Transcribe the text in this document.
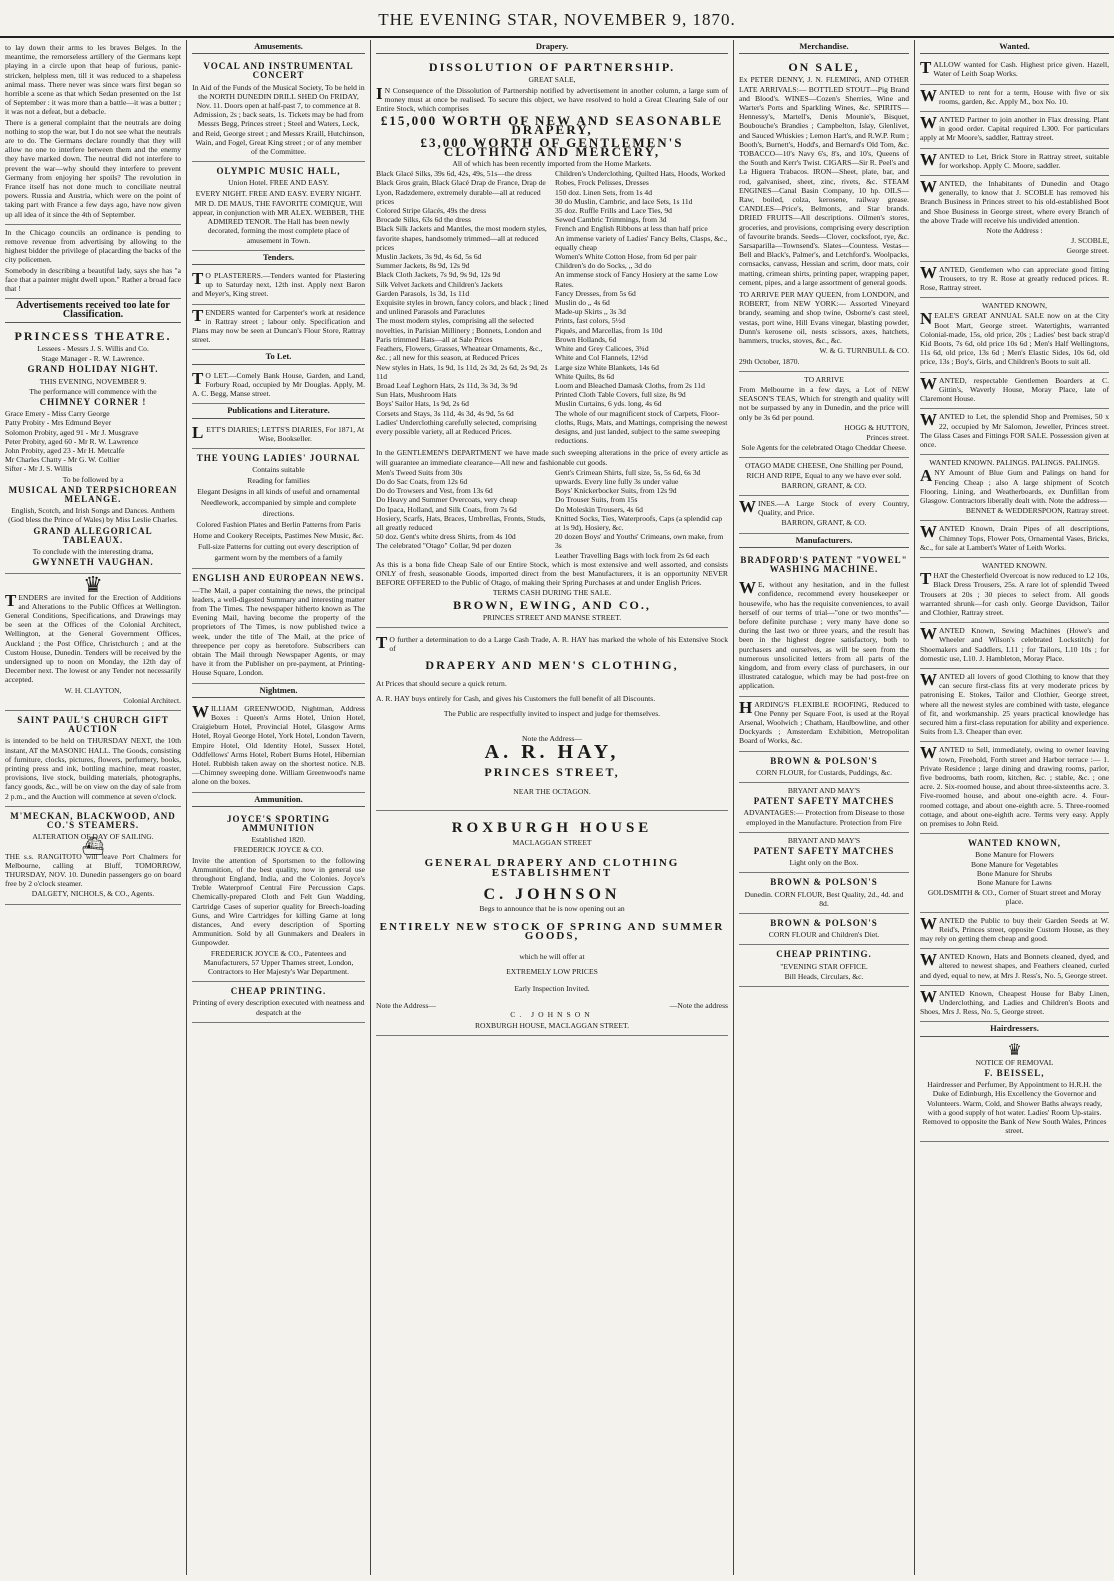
THE EVENING STAR, NOVEMBER 9, 1870.

to lay down their arms to les braves Belges. In the meantime, the remorseless artillery of the Germans kept playing in a circle upon that heap of furious, panic-stricken, helpless men, till it was reduced to a shapeless animal mass. There never was since wars first began so horrible a scene as that which Sedan presented on the 1st of September : it was more than a battle—it was a butter ; it was not a defeat, but a debacle.

There is a general complaint that the neutrals are doing nothing to stop the war, but I do not see what the neutrals are to do. The Germans declare roundly that they will allow no one to interfere between them and the enemy they have marked down. The neutral did not interfere to prevent the war—why should they interfere to prevent Germany from enjoying her spoils? The revolution in France itself has not done much to conciliate neutral powers. Russia and Austria, which were on the point of taking part with France a few days ago, have now given up all idea of it since the 4th of September.

In the Chicago councils an ordinance is pending to remove revenue from advertising by allowing to the highest bidder the privilege of placarding the backs of the city policemen.

Somebody in describing a beautiful lady, says she has "a face that a painter might dwell upon." Rather a broad face that !

Advertisements received too late for Classification.
PRINCESS THEATRE.

Lessees - Messrs J. S. Willis and Co.

Stage Manager - R. W. Lawrence.

GRAND HOLIDAY NIGHT.

THIS EVENING, NOVEMBER 9.

The performance will commence with the

CHIMNEY CORNER !

Grace Emery - Miss Carry George
Patty Probity - Mrs Edmund Beyer
Solomon Probity, aged 91 - Mr J. Musgrave
Peter Probity, aged 60 - Mr R. W. Lawrence
John Probity, aged 23 - Mr H. Metcalfe
Mr Charles Chatty - Mr G. W. Collier
Sifter - Mr J. S. Willis

To be followed by a

MUSICAL AND TERPSICHOREAN MELANGE.

English, Scotch, and Irish Songs and Dances. Anthem (God bless the Prince of Wales) by Miss Leslie Charles.

GRAND ALLEGORICAL TABLEAUX.

To conclude with the interesting drama,

GWYNNETH VAUGHAN.

♛

TENDERS are invited for the Erection of Additions and Alterations to the Public Offices at Wellington. General Conditions, Specifications, and Drawings may be seen at the Offices of the Colonial Architect, Wellington, at the General Government Offices, Auckland ; the Post Office, Christchurch ; and at the Custom House, Dunedin. Tenders will be received by the undersigned up to noon on Monday, the 12th day of December next. The lowest or any Tender not necessarily accepted.

W. H. CLAYTON,

Colonial Architect.

SAINT PAUL'S CHURCH GIFT AUCTION

is intended to be held on THURSDAY NEXT, the 10th instant, AT the MASONIC HALL. The Goods, consisting of furniture, clocks, pictures, flowers, perfumery, books, printing press and ink, bottling machine, meat roaster, provisions, live stock, building materials, photographs, fancy goods, &c., will be on view on the day of sale from 2 p.m., and the Auction will commence at seven o'clock.

M'MECKAN, BLACKWOOD, AND CO.'S STEAMERS.

ALTERATION OF DAY OF SAILING.

⛴

THE s.s. RANGITOTO will leave Port Chalmers for Melbourne, calling at Bluff, TOMORROW, THURSDAY, NOV. 10. Dunedin passengers go on board free by 2 o'clock steamer.

DALGETY, NICHOLS, & CO., Agents.

Amusements.

VOCAL AND INSTRUMENTAL CONCERT

In Aid of the Funds of the Musical Society, To be held in the NORTH DUNEDIN DRILL SHED On FRIDAY, Nov. 11. Doors open at half-past 7, to commence at 8. Admission, 2s ; back seats, 1s. Tickets may be had from Messrs Begg, Princes street ; Steel and Waters, Leck, and Reid, George street ; and Messrs Kraill, Hutchinson, Wain, and Fogel, Great King street ; or of any member of the Committee.

OLYMPIC MUSIC HALL,

Union Hotel. FREE AND EASY.

EVERY NIGHT. FREE AND EASY. EVERY NIGHT.

MR D. DE MAUS, THE FAVORITE COMIQUE, Will appear, in conjunction with MR ALEX. WEBBER, THE ADMIRED TENOR. The Hall has been newly decorated, forming the most complete place of amusement in Town.

Tenders.

TO PLASTERERS.—Tenders wanted for Plastering up to Saturday next, 12th inst. Apply next Baron and Meyer's, King street.

TENDERS wanted for Carpenter's work at residence in Rattray street ; labour only. Specification and Plans may now be seen at Duncan's Flour Store, Rattray street.

To Let.

TO LET.—Comely Bank House, Garden, and Land, Forbury Road, occupied by Mr Douglas. Apply, M. A. C. Begg, Manse street.

Publications and Literature.

LETT'S DIARIES; LETTS'S DIARIES, For 1871, At Wise, Bookseller.

THE YOUNG LADIES' JOURNAL

Contains suitable

Reading for families
Elegant Designs in all kinds of useful and ornamental Needlework, accompanied by simple and complete directions.
Colored Fashion Plates and Berlin Patterns from Paris
Home and Cookery Receipts, Pastimes New Music, &c.
Full-size Patterns for cutting out every description of garment worn by the members of a family

ENGLISH AND EUROPEAN NEWS.

—The Mail, a paper containing the news, the principal leaders, a well-digested Summary and interesting matter from The Times. The newspaper hitherto known as The Evening Mail, having become the property of the proprietors of The Times, is now published twice a week, under the title of The Mail, at the price of threepence per copy as heretofore. Subscribers can obtain The Mail through Newspaper Agents, or may have it from the Publisher on pre-payment, at Printing-House Square, London.

Nightmen.

WILLIAM GREENWOOD, Nightman, Address Boxes : Queen's Arms Hotel, Union Hotel, Craigieburn Hotel, Provincial Hotel, Glasgow Arms Hotel, Royal George Hotel, York Hotel, London Tavern, Empire Hotel, Old Identity Hotel, Sussex Hotel, Oddfellows' Arms Hotel, Robert Burns Hotel, Hibernian Hotel. Rubbish taken away on the shortest notice. N.B.—Chimney sweeping done. William Greenwood's name alone on the boxes.

Ammunition.

JOYCE'S SPORTING AMMUNITION

Established 1820.

FREDERICK JOYCE & CO.

Invite the attention of Sportsmen to the following Ammunition, of the best quality, now in general use throughout England, India, and the Colonies. Joyce's Treble Waterproof Central Fire Percussion Caps. Chemically-prepared Cloth and Felt Gun Wadding, Cartridge Cases of superior quality for Breech-loading Guns, and Wire Cartridges for killing Game at long distances, And every description of Sporting Ammunition. Sold by all Gunmakers and Dealers in Gunpowder.

FREDERICK JOYCE & CO., Patentees and Manufacturers, 57 Upper Thames street, London, Contractors to Her Majesty's War Department.

CHEAP PRINTING.

Printing of every description executed with neatness and despatch at the

Drapery.
DISSOLUTION OF PARTNERSHIP.

GREAT SALE,

IN Consequence of the Dissolution of Partnership notified by advertisement in another column, a large sum of money must at once be realised. To secure this object, we have resolved to hold a Great Clearing Sale of our Entire Stock, which comprises

£15,000 WORTH OF NEW AND SEASONABLE DRAPERY,
£3,000 WORTH OF GENTLEMEN'S CLOTHING AND MERCERY,

All of which has been recently imported from the Home Markets.

Black Glacé Silks, 39s 6d, 42s, 49s, 51s—the dress
Black Gros grain, Black Glacé Drap de France, Drap de Lyon, Radzdemere, extremely durable—all at reduced prices
Colored Stripe Glacés, 49s the dress
Brocade Silks, 63s 6d the dress
Black Silk Jackets and Mantles, the most modern styles, favorite shapes, handsomely trimmed—all at reduced prices
Muslin Jackets, 3s 9d, 4s 6d, 5s 6d
Summer Jackets, 8s 9d, 12s 9d
Black Cloth Jackets, 7s 9d, 9s 9d, 12s 9d
Silk Velvet Jackets and Children's Jackets
Garden Parasols, 1s 3d, 1s 11d
Exquisite styles in brown, fancy colors, and black ; lined and unlined Parasols and Paraclutes
The most modern styles, comprising all the selected novelties, in Parisian Millinery ; Bonnets, London and Paris trimmed Hats—all at Sale Prices
Feathers, Flowers, Grasses, Wheatear Ornaments, &c., &c. ; all new for this season, at Reduced Prices
New styles in Hats, 1s 9d, 1s 11d, 2s 3d, 2s 6d, 2s 9d, 2s 11d
Broad Leaf Leghorn Hats, 2s 11d, 3s 3d, 3s 9d
Sun Hats, Mushroom Hats
Boys' Sailor Hats, 1s 9d, 2s 6d
Corsets and Stays, 3s 11d, 4s 3d, 4s 9d, 5s 6d
Ladies' Underclothing carefully selected, comprising every possible variety, all at Reduced Prices.
Children's Underclothing, Quilted Hats, Hoods, Worked Robes, Frock Pelisses, Dresses
150 doz. Linen Sets, from 1s 4d
30 do Muslin, Cambric, and lace Sets, 1s 11d
35 doz. Ruffle Frills and Lace Ties, 9d
Sewed Cambric Trimmings, from 3d
French and English Ribbons at less than half price
An immense variety of Ladies' Fancy Belts, Clasps, &c., equally cheap
Women's White Cotton Hose, from 6d per pair
Children's do do Socks, ,, 3d do
An immense stock of Fancy Hosiery at the same Low Rates.
Fancy Dresses, from 5s 6d
Muslin do ,, 4s 6d
Made-up Skirts ,, 3s 3d
Prints, fast colors, 5½d
Piqués, and Marcellas, from 1s 10d
Brown Hollands, 6d
White and Grey Calicoes, 3¾d
White and Col Flannels, 12½d
Large size White Blankets, 14s 6d
White Quilts, 8s 6d
Loom and Bleached Damask Cloths, from 2s 11d
Printed Cloth Table Covers, full size, 8s 9d
Muslin Curtains, 6 yds. long, 4s 6d
The whole of our magnificent stock of Carpets, Floor-cloths, Rugs, Mats, and Mattings, comprising the newest designs, and just landed, subject to the same sweeping reductions.

In the GENTLEMEN'S DEPARTMENT we have made such sweeping alterations in the price of every article as will guarantee an immediate clearance—All new and fashionable cut goods.

Men's Tweed Suits from 30s
Do do Sac Coats, from 12s 6d
Do do Trowsers and Vest, from 13s 6d
Do Heavy and Summer Overcoats, very cheap
Do Ipaca, Holland, and Silk Coats, from 7s 6d
Hosiery, Scarfs, Hats, Braces, Umbrellas, Fronts, Studs, all greatly reduced
50 doz. Gent's white dress Shirts, from 4s 10d
The celebrated "Otago" Collar, 9d per dozen
Gent's Crimean Shirts, full size, 5s, 5s 6d, 6s 3d upwards. Every line fully 3s under value
Boys' Knickerbocker Suits, from 12s 9d
Do Trouser Suits, from 15s
Do Moleskin Trousers, 4s 6d
Knitted Socks, Ties, Waterproofs, Caps (a splendid cap at 1s 9d), Hosiery, &c.
20 dozen Boys' and Youths' Crimeans, own make, from 3s
Leather Travelling Bags with lock from 2s 6d each

As this is a bona fide Cheap Sale of our Entire Stock, which is most extensive and well assorted, and consists ONLY of fresh, seasonable Goods, imported direct from the best Manufacturers, it is an opportunity NEVER BEFORE OFFERED to the Public of Otago, of making their Spring Purchases at and under English Prices.

TERMS CASH DURING THE SALE.

BROWN, EWING, AND CO.,

PRINCES STREET AND MANSE STREET.

TO further a determination to do a Large Cash Trade, A. R. HAY has marked the whole of his Extensive Stock of

DRAPERY AND MEN'S CLOTHING,

At Prices that should secure a quick return.

A. R. HAY buys entirely for Cash, and gives his Customers the full benefit of all Discounts.

The Public are respectfully invited to inspect and judge for themselves.

Note the Address—

A. R. HAY,
PRINCES STREET,

NEAR THE OCTAGON.

ROXBURGH HOUSE

MACLAGGAN STREET

GENERAL DRAPERY AND CLOTHING ESTABLISHMENT
C. JOHNSON

Begs to announce that he is now opening out an

ENTIRELY NEW STOCK OF SPRING AND SUMMER GOODS,

which he will offer at

EXTREMELY LOW PRICES

Early Inspection Invited.

Note the Address—	—Note the address

C. JOHNSON

ROXBURGH HOUSE, MACLAGGAN STREET.

Merchandise.
ON SALE,

Ex PETER DENNY, J. N. FLEMING, AND OTHER LATE ARRIVALS:— BOTTLED STOUT—Pig Brand and Blood's. WINES—Cozen's Sherries, Wine and Warter's Ports and Sparkling Wines, &c. SPIRITS—Hennessy's, Martell's, Denis Mounie's, Bisquet, Boubouche's Brandies ; Campbelton, Islay, Glenlivet, and Sauced Whiskies ; Lemon Hart's, and R.W.P. Rum ; Booth's, Burnett's, Hodd's, and Bernard's Old Tom, &c. TOBACCO—10's Navy 6's, 8's, and 10's, Queens of the South and Kerr's Twist. CIGARS—Sir R. Peel's and La Higuera Trabacos. IRON—Sheet, plate, bar, and rod, galvanised, sheet, zinc, rivets, &c. STEAM ENGINES—Canal Basin Company, 10 hp. OILS—Raw, boiled, colza, kerosene, railway grease. CANDLES—Price's, Belmonts, and Star brands. DRIED FRUITS—All descriptions. Oilmen's stores, groceries, and provisions, comprising every description of favourite brands. Seeds—Clover, cocksfoot, rye, &c. Sarsaparilla—Townsend's. Slates—Countess. Vestas—Bell and Black's, Palmer's, and Letchford's. Woolpacks, cornsacks, canvass, Hessian and scrim, door mats, coir matting, crimean shirts, printing paper, wrapping paper, cement, pipes, and a large assortment of general goods.

TO ARRIVE PER MAY QUEEN, from LONDON, and ROBERT, from NEW YORK:— Assorted Vineyard brandy, seaming and shop twine, Osborne's cast steel, vestas, port wine, Hill Evans vinegar, blasting powder, Dunn's kerosene oil, nests scissors, axes, hatchets, hammers, trucks, stoves, &c., &c.

W. & G. TURNBULL & CO.

29th October, 1870.

TO ARRIVE

From Melbourne in a few days, a Lot of NEW SEASON'S TEAS, Which for strength and quality will not be surpassed by any in Dunedin, and the price will only be 3s 6d per pound.

HOGG & HUTTON,

Princes street.

Sole Agents for the celebrated Otago Cheddar Cheese.

OTAGO MADE CHEESE, One Shilling per Pound, RICH AND RIPE, Equal to any we have ever sold.

BARRON, GRANT, & CO.

WINES.—A Large Stock of every Country, Quality, and Price.

BARRON, GRANT, & CO.

Manufacturers.

BRADFORD'S PATENT "VOWEL" WASHING MACHINE.

WE, without any hesitation, and in the fullest confidence, recommend every housekeeper or housewife, who has the requisite conveniences, to avail herself of our terms of trial—"one or two months"—before definite purchase ; very many have done so during the last two or three years, and the result has been in the highest degree satisfactory, both to purchasers and ourselves, as will be seen from the numerous unsolicited letters from all parts of the kingdom, and from every class of purchasers, in our illustrated catalogue, which may be had post-free on application.

HARDING'S FLEXIBLE ROOFING, Reduced to One Penny per Square Foot, is used at the Royal Arsenal, Woolwich ; Chatham, Haulbowline, and other Dockyards ; Amsterdam Exhibition, Metropolitan Board of Works, &c.

BROWN & POLSON'S

CORN FLOUR, for Custards, Puddings, &c.

BRYANT AND MAY'S

PATENT SAFETY MATCHES

ADVANTAGES:— Protection from Disease to those employed in the Manufacture. Protection from Fire

BRYANT AND MAY'S

PATENT SAFETY MATCHES

Light only on the Box.

BROWN & POLSON'S

Dunedin. CORN FLOUR, Best Quality, 2d., 4d. and 8d.

BROWN & POLSON'S

CORN FLOUR and Children's Diet.

CHEAP PRINTING.

"EVENING STAR OFFICE.

Bill Heads, Circulars, &c.

Wanted.

TALLOW wanted for Cash. Highest price given. Hazell, Water of Leith Soap Works.

WANTED to rent for a term, House with five or six rooms, garden, &c. Apply M., box No. 10.

WANTED Partner to join another in Flax dressing. Plant in good order. Capital required L300. For particulars apply at Mr Moore's, saddler, Rattray street.

WANTED to Let, Brick Store in Rattray street, suitable for workshop. Apply C. Moore, saddler.

WANTED, the Inhabitants of Dunedin and Otago generally, to know that J. SCOBLE has removed his Branch Business in Princes street to his old-established Boot and Shoe Business in George street, where every Branch of the above Trade will receive his undivided attention.

Note the Address :

J. SCOBLE,

George street.

WANTED, Gentlemen who can appreciate good fitting Trousers, to try R. Rose at greatly reduced prices. R. Rose, Rattray street.

WANTED KNOWN,

NEALE'S GREAT ANNUAL SALE now on at the City Boot Mart, George street. Watertights, warranted Colonial-made, 15s, old price, 20s ; Ladies' best back strap'd Kid Boots, 7s 6d, old price 10s 6d ; Men's Half Wellingtons, 11s 6d, old price, 13s 6d ; Men's Elastic Sides, 10s 6d, old price, 13s ; Boy's, Girls, and Children's Boots to suit all.

WANTED, respectable Gentlemen Boarders at C. Gittin's, Waverly House, Moray Place, late of Claremont House.

WANTED to Let, the splendid Shop and Premises, 50 x 22, occupied by Mr Salomon, Jeweller, Princes street. The Glass Cases and Fittings FOR SALE. Possession given at once.

WANTED KNOWN. PALINGS. PALINGS. PALINGS.

ANY Amount of Blue Gum and Palings on hand for Fencing Cheap ; also A large shipment of Scotch Flooring, Lining, and Weatherboards, ex Dunfillan from Glasgow. Contractors liberally dealt with. Note the address—

BENNET & WEDDERSPOON, Rattray street.

WANTED Known, Drain Pipes of all descriptions, Chimney Tops, Flower Pots, Ornamental Vases, Bricks, &c., for sale at Lambert's Water of Leith Works.

WANTED KNOWN.

THAT the Chesterfield Overcoat is now reduced to L2 10s, Black Dress Trousers, 25s. A rare lot of splendid Tweed Trousers at 20s ; 30 pieces to select from. All goods warranted shrunk—for cash only. George Davidson, Tailor and Clothier, Rattray street.

WANTED Known, Sewing Machines (Howe's and Wheeler and Wilson's celebrated Lockstitch) for Shoemakers and Saddlers, L11 ; for Tailors, L10 10s ; for domestic use, L10. J. Hambleton, Moray Place.

WANTED all lovers of good Clothing to know that they can secure first-class fits at very moderate prices by patronising E. Stokes, Tailor and Clothier, George street, where all the newest styles are combined with taste, elegance of fit, and workmanship. 25 years practical knowledge has secured him a first-class reputation for ability and experience. Suits from L3. Cheaper than ever.

WANTED to Sell, immediately, owing to owner leaving town, Freehold, Forth street and Harbor terrace :— 1. Private Residence ; large dining and drawing rooms, parlor, five bedrooms, bath room, kitchen, &c. ; stable, &c. ; one acre. 2. Six-roomed house, and about three-sixteenths acre. 3. Five-roomed house, and about one-eighth acre. 4. Four-roomed cottage, and about one-eighth acre. 5. Three-roomed cottage, and about one-eighth acre. Terms very easy. Apply on premises to John Reid.

WANTED KNOWN,

Bone Manure for Flowers
Bone Manure for Vegetables
Bone Manure for Shrubs
Bone Manure for Lawns

GOLDSMITH & CO., Corner of Stuart street and Moray place.

WANTED the Public to buy their Garden Seeds at W. Reid's, Princes street, opposite Custom House, as they may rely on getting them cheap and good.

WANTED Known, Hats and Bonnets cleaned, dyed, and altered to newest shapes, and Feathers cleaned, curled and dyed, equal to new, at Mrs J. Ress's, No. 5, George street.

WANTED Known, Cheapest House for Baby Linen, Underclothing, and Ladies and Children's Boots and Shoes, Mrs J. Ress, No. 5, George street.

Hairdressers.
♛

NOTICE OF REMOVAL

F. BEISSEL,

Hairdresser and Perfumer, By Appointment to H.R.H. the Duke of Edinburgh, His Excellency the Governor and Volunteers. Warm, Cold, and Shower Baths always ready, with a good supply of hot water. Ladies' Room Up-stairs. Removed to opposite the Bank of New South Wales, Princes street.
